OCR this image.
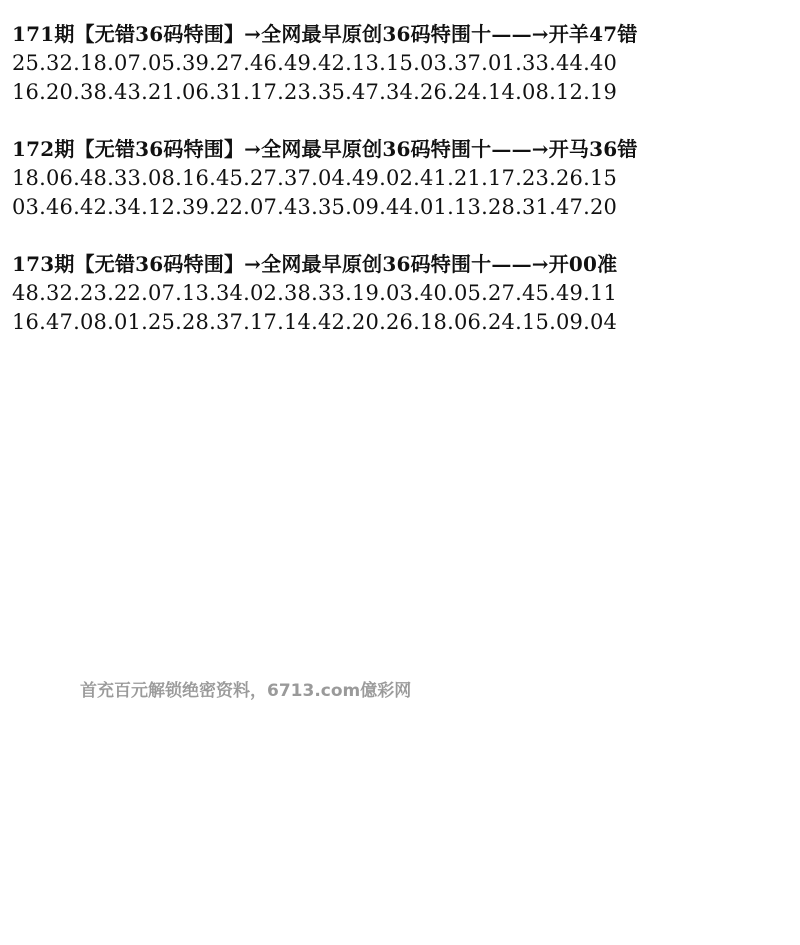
171期【无错36码特围】→全网最早原创36码特围十——→开羊47错
25.32.18.07.05.39.27.46.49.42.13.15.03.37.01.33.44.40
16.20.38.43.21.06.31.17.23.35.47.34.26.24.14.08.12.19
172期【无错36码特围】→全网最早原创36码特围十——→开马36错
18.06.48.33.08.16.45.27.37.04.49.02.41.21.17.23.26.15
03.46.42.34.12.39.22.07.43.35.09.44.01.13.28.31.47.20
173期【无错36码特围】→全网最早原创36码特围十——→开00准
48.32.23.22.07.13.34.02.38.33.19.03.40.05.27.45.49.11
16.47.08.01.25.28.37.17.14.42.20.26.18.06.24.15.09.04
首充百元解锁绝密资料，6713.com億彩网
